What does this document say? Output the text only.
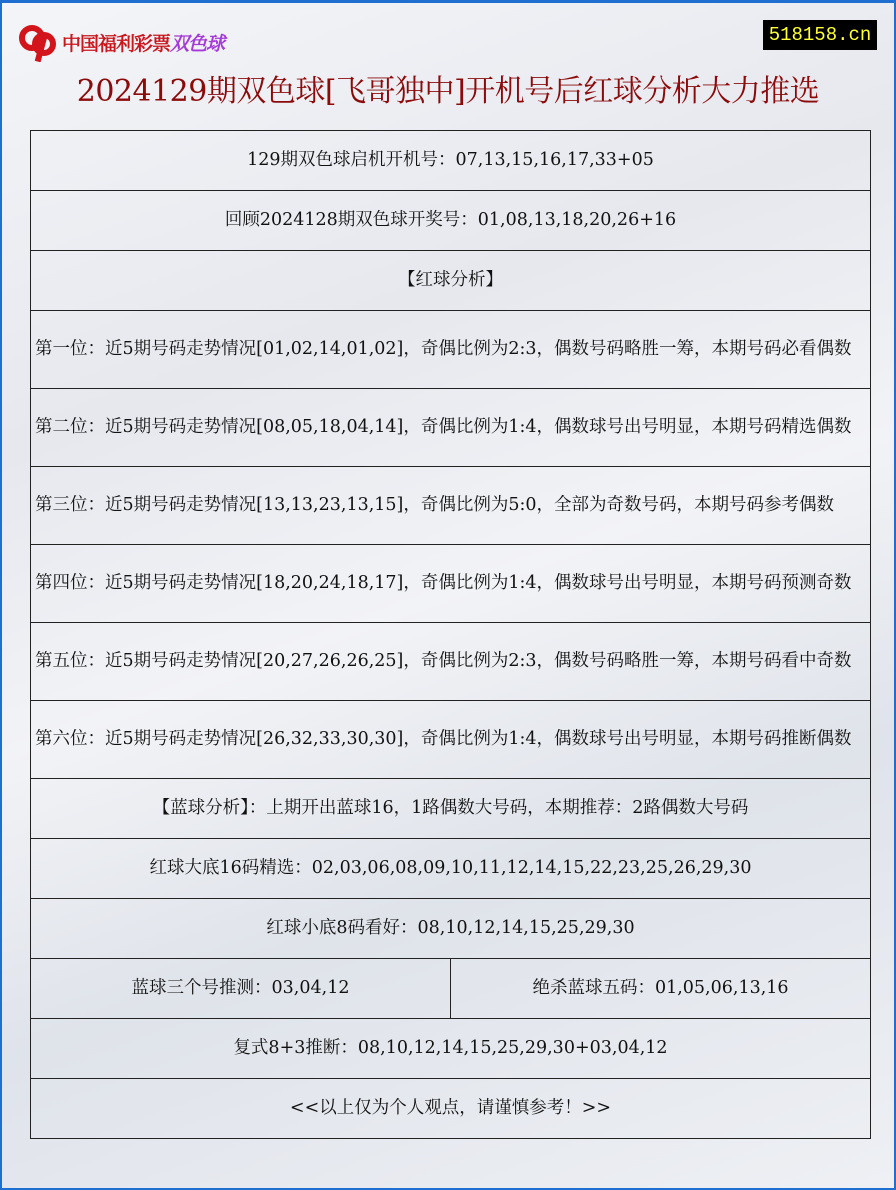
中国福利彩票双色球	518158.cn
2024129期双色球[飞哥独中]开机号后红球分析大力推选
129期双色球启机开机号：07,13,15,16,17,33+05
回顾2024128期双色球开奖号：01,08,13,18,20,26+16
【红球分析】
第一位：近5期号码走势情况[01,02,14,01,02]，奇偶比例为2:3，偶数号码略胜一筹，本期号码必看偶数
第二位：近5期号码走势情况[08,05,18,04,14]，奇偶比例为1:4，偶数球号出号明显，本期号码精选偶数
第三位：近5期号码走势情况[13,13,23,13,15]，奇偶比例为5:0，全部为奇数号码，本期号码参考偶数
第四位：近5期号码走势情况[18,20,24,18,17]，奇偶比例为1:4，偶数球号出号明显，本期号码预测奇数
第五位：近5期号码走势情况[20,27,26,26,25]，奇偶比例为2:3，偶数号码略胜一筹，本期号码看中奇数
第六位：近5期号码走势情况[26,32,33,30,30]，奇偶比例为1:4，偶数球号出号明显，本期号码推断偶数
【蓝球分析】：上期开出蓝球16，1路偶数大号码，本期推荐：2路偶数大号码
红球大底16码精选：02,03,06,08,09,10,11,12,14,15,22,23,25,26,29,30
红球小底8码看好：08,10,12,14,15,25,29,30
蓝球三个号推测：03,04,12	绝杀蓝球五码：01,05,06,13,16
复式8+3推断：08,10,12,14,15,25,29,30+03,04,12
<<以上仅为个人观点，请谨慎参考！>>
